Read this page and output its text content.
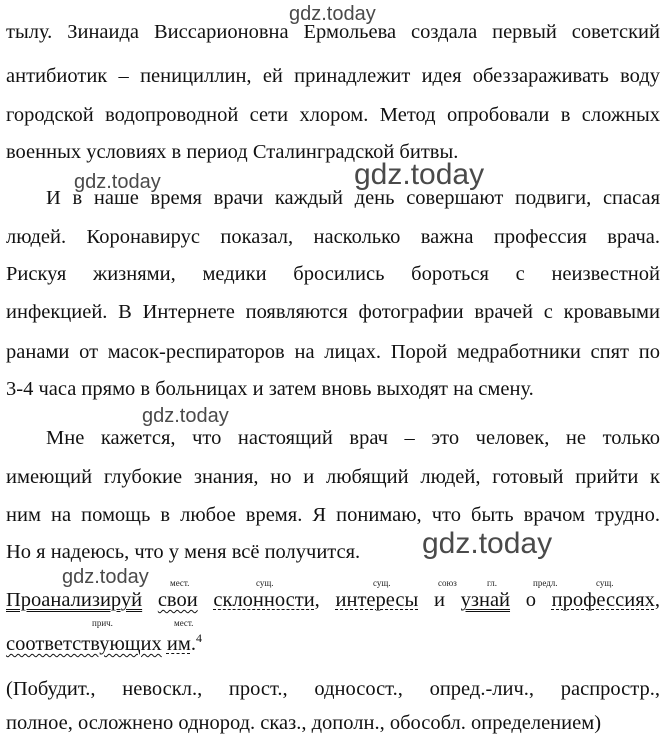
gdz.today
gdz.today	gdz.today
gdz.today
gdz.today
gdz.today
тылу. Зинаида Виссарионовна Ермольева создала первый советский
антибиотик – пенициллин, ей принадлежит идея обеззараживать воду
городской водопроводной сети хлором. Метод опробовали в сложных
военных условиях в период Сталинградской битвы.
И в наше время врачи каждый день совершают подвиги, спасая
людей. Коронавирус показал, насколько важна профессия врача.
Рискуя жизнями, медики бросились бороться с неизвестной
инфекцией. В Интернете появляются фотографии врачей с кровавыми
ранами от масок-респираторов на лицах. Порой медработники спят по
3-4 часа прямо в больницах и затем вновь выходят на смену.
Мне кажется, что настоящий врач – это человек, не только
имеющий глубокие знания, но и любящий людей, готовый прийти к
ним на помощь в любое время. Я понимаю, что быть врачом трудно.
Но я надеюсь, что у меня всё получится.
мест.	сущ.	сущ.	союз	гл.	предл.	сущ.
Проанализируй свои склонности, интересы и узнай о профессиях,
прич.	мест.
соответствующих им.$^4$
(Побудит., невоскл., прост., односост., опред.-лич., распростр.,
полное, осложнено однород. сказ., дополн., обособл. определением)
